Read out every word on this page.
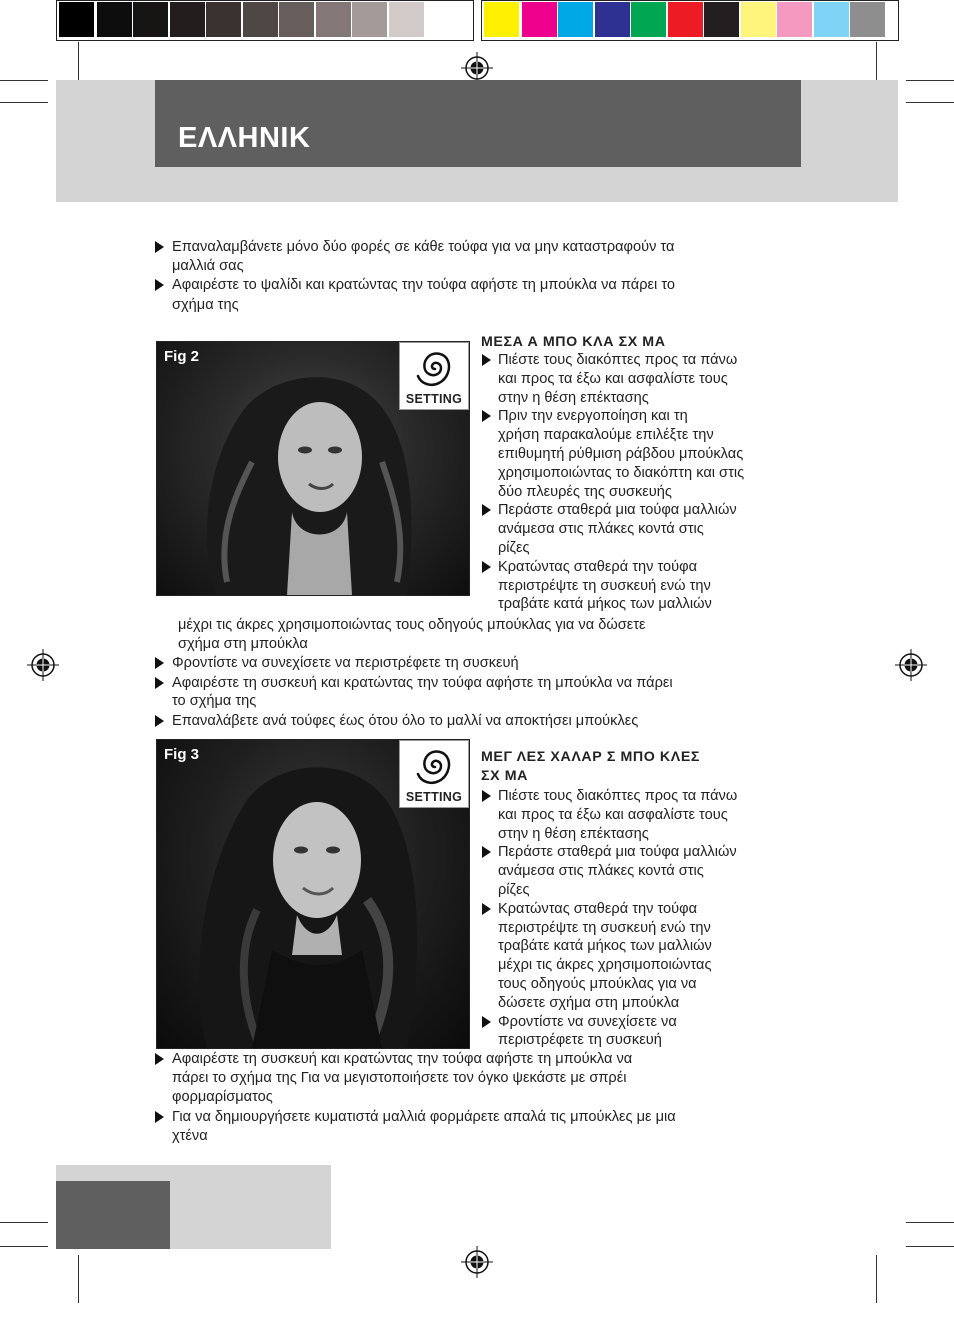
ΕΛΛΗΝΙΚ
Επαναλαμβάνετε μόνο δύο φορές σε κάθε τούφα για να μην καταστραφούν τα
μαλλιά σας
Αφαιρέστε το ψαλίδι και κρατώντας την τούφα αφήστε τη μπούκλα να πάρει το
σχήμα της
Fig 2
SETTING
ΜΕΣΑ Α ΜΠΟ ΚΛΑ ΣΧ ΜΑ
Πιέστε τους διακόπτες προς τα πάνω
και προς τα έξω και ασφαλίστε τους
στην η θέση επέκτασης
Πριν την ενεργοποίηση και τη
χρήση παρακαλούμε επιλέξτε την
επιθυμητή ρύθμιση ράβδου μπούκλας
χρησιμοποιώντας το διακόπτη και στις
δύο πλευρές της συσκευής
Περάστε σταθερά μια τούφα μαλλιών
ανάμεσα στις πλάκες κοντά στις
ρίζες
Κρατώντας σταθερά την τούφα
περιστρέψτε τη συσκευή ενώ την
τραβάτε κατά μήκος των μαλλιών
μέχρι τις άκρες χρησιμοποιώντας τους οδηγούς μπούκλας για να δώσετε
σχήμα στη μπούκλα
Φροντίστε να συνεχίσετε να περιστρέφετε τη συσκευή
Αφαιρέστε τη συσκευή και κρατώντας την τούφα αφήστε τη μπούκλα να πάρει
το σχήμα της
Επαναλάβετε ανά τούφες έως ότου όλο το μαλλί να αποκτήσει μπούκλες
Fig 3
SETTING
ΜΕΓ ΛΕΣ ΧΑΛΑΡ Σ ΜΠΟ ΚΛΕΣ
ΣΧ ΜΑ
Πιέστε τους διακόπτες προς τα πάνω
και προς τα έξω και ασφαλίστε τους
στην η θέση επέκτασης
Περάστε σταθερά μια τούφα μαλλιών
ανάμεσα στις πλάκες κοντά στις
ρίζες
Κρατώντας σταθερά την τούφα
περιστρέψτε τη συσκευή ενώ την
τραβάτε κατά μήκος των μαλλιών
μέχρι τις άκρες χρησιμοποιώντας
τους οδηγούς μπούκλας για να
δώσετε σχήμα στη μπούκλα
Φροντίστε να συνεχίσετε να
περιστρέφετε τη συσκευή
Αφαιρέστε τη συσκευή και κρατώντας την τούφα αφήστε τη μπούκλα να
πάρει το σχήμα της Για να μεγιστοποιήσετε τον όγκο ψεκάστε με σπρέι
φορμαρίσματος
Για να δημιουργήσετε κυματιστά μαλλιά φορμάρετε απαλά τις μπούκλες με μια
χτένα
